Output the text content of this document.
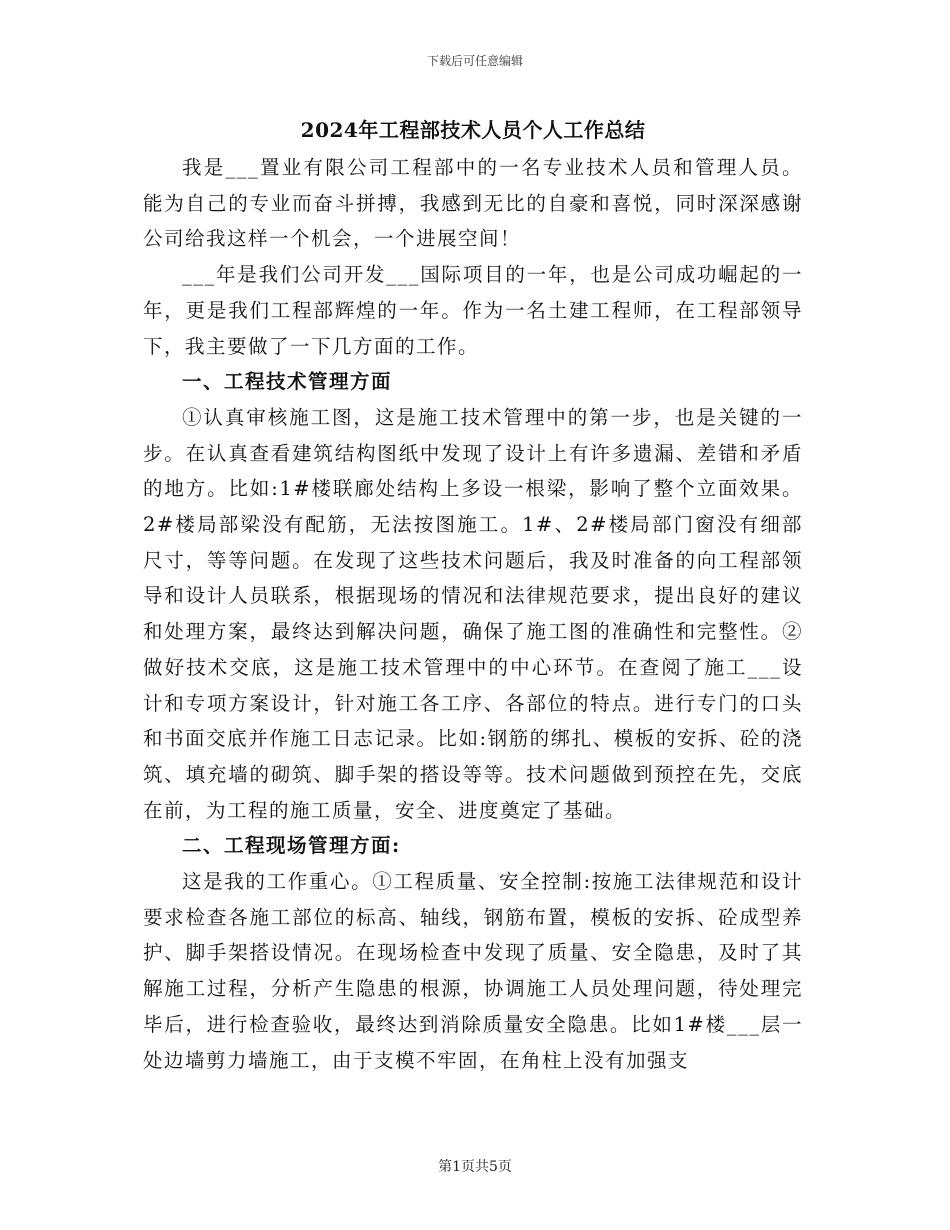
下载后可任意编辑
2024年工程部技术人员个人工作总结

我是___置业有限公司工程部中的一名专业技术人员和管理人员。能为自己的专业而奋斗拼搏，我感到无比的自豪和喜悦，同时深深感谢公司给我这样一个机会，一个进展空间！

___年是我们公司开发___国际项目的一年，也是公司成功崛起的一年，更是我们工程部辉煌的一年。作为一名土建工程师，在工程部领导下，我主要做了一下几方面的工作。

一、工程技术管理方面

①认真审核施工图，这是施工技术管理中的第一步，也是关键的一步。在认真查看建筑结构图纸中发现了设计上有许多遗漏、差错和矛盾的地方。比如:1#楼联廊处结构上多设一根梁，影响了整个立面效果。2#楼局部梁没有配筋，无法按图施工。1#、2#楼局部门窗没有细部尺寸，等等问题。在发现了这些技术问题后，我及时准备的向工程部领导和设计人员联系，根据现场的情况和法律规范要求，提出良好的建议和处理方案，最终达到解决问题，确保了施工图的准确性和完整性。②做好技术交底，这是施工技术管理中的中心环节。在查阅了施工___设计和专项方案设计，针对施工各工序、各部位的特点。进行专门的口头和书面交底并作施工日志记录。比如:钢筋的绑扎、模板的安拆、砼的浇筑、填充墙的砌筑、脚手架的搭设等等。技术问题做到预控在先，交底在前，为工程的施工质量，安全、进度奠定了基础。

二、工程现场管理方面:

这是我的工作重心。①工程质量、安全控制:按施工法律规范和设计要求检查各施工部位的标高、轴线，钢筋布置，模板的安拆、砼成型养护、脚手架搭设情况。在现场检查中发现了质量、安全隐患，及时了其解施工过程，分析产生隐患的根源，协调施工人员处理问题，待处理完毕后，进行检查验收，最终达到消除质量安全隐患。比如1#楼___层一处边墙剪力墙施工，由于支模不牢固，在角柱上没有加强支

第1页共5页
